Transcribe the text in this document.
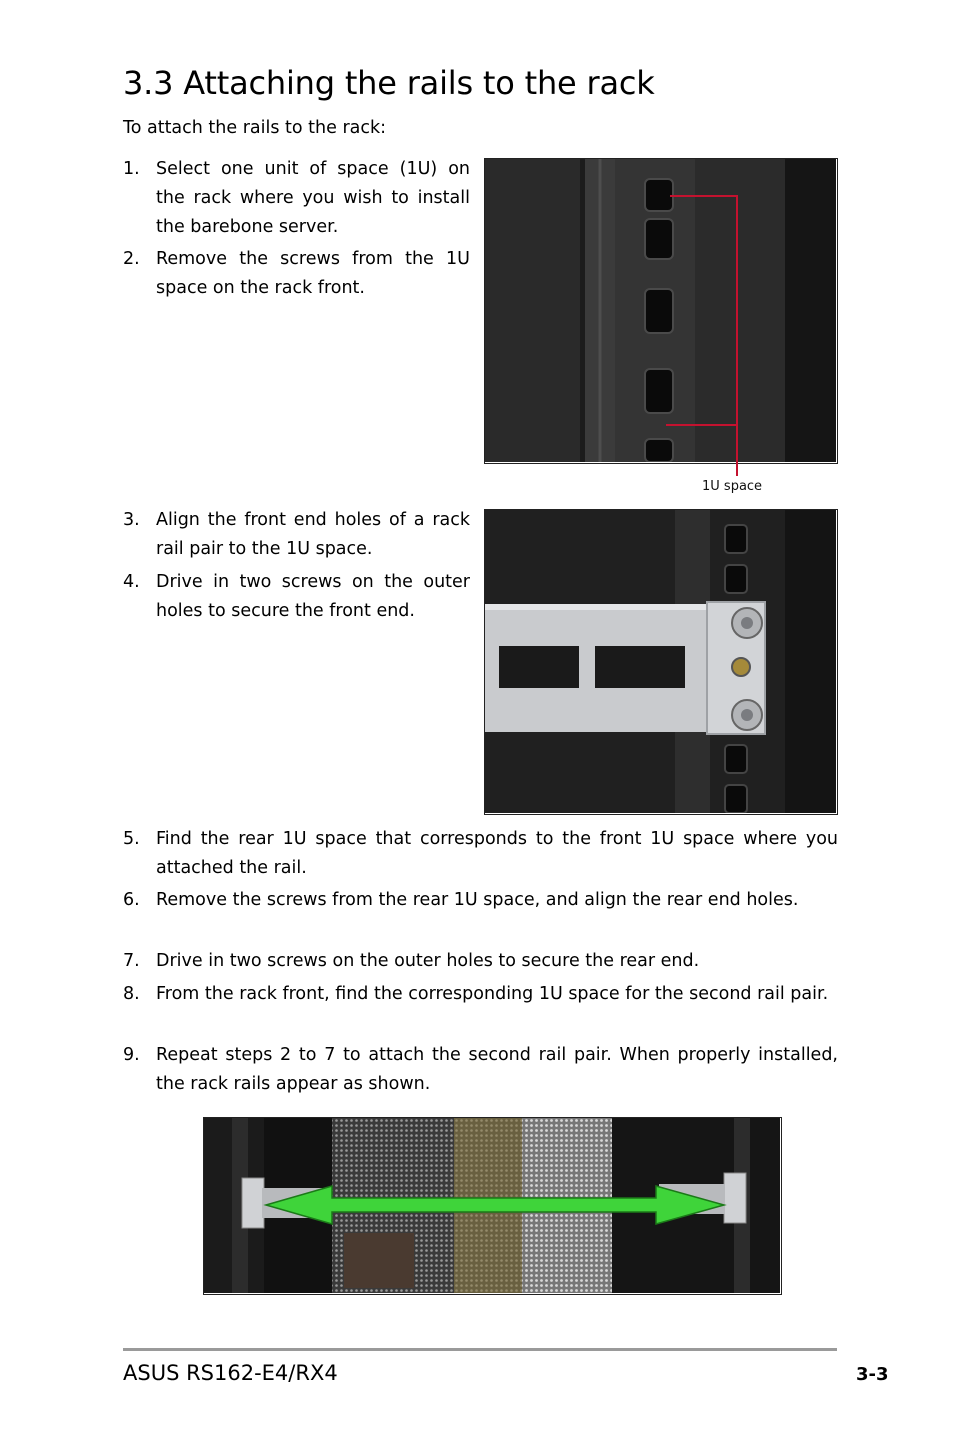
3.3 Attaching the rails to the rack
To attach the rails to the rack:
1. Select one unit of space (1U) on the rack where you wish to install the barebone server.
2. Remove the screws from the 1U space on the rack front.
1U space
3. Align the front end holes of a rack rail pair to the 1U space.
4. Drive in two screws on the outer holes to secure the front end.
5. Find the rear 1U space that corresponds to the front 1U space where you attached the rail.
6. Remove the screws from the rear 1U space, and align the rear end holes.
7. Drive in two screws on the outer holes to secure the rear end.
8. From the rack front, find the corresponding 1U space for the second rail pair.
9. Repeat steps 2 to 7 to attach the second rail pair. When properly installed, the rack rails appear as shown.
ASUS RS162-E4/RX4	3-3
